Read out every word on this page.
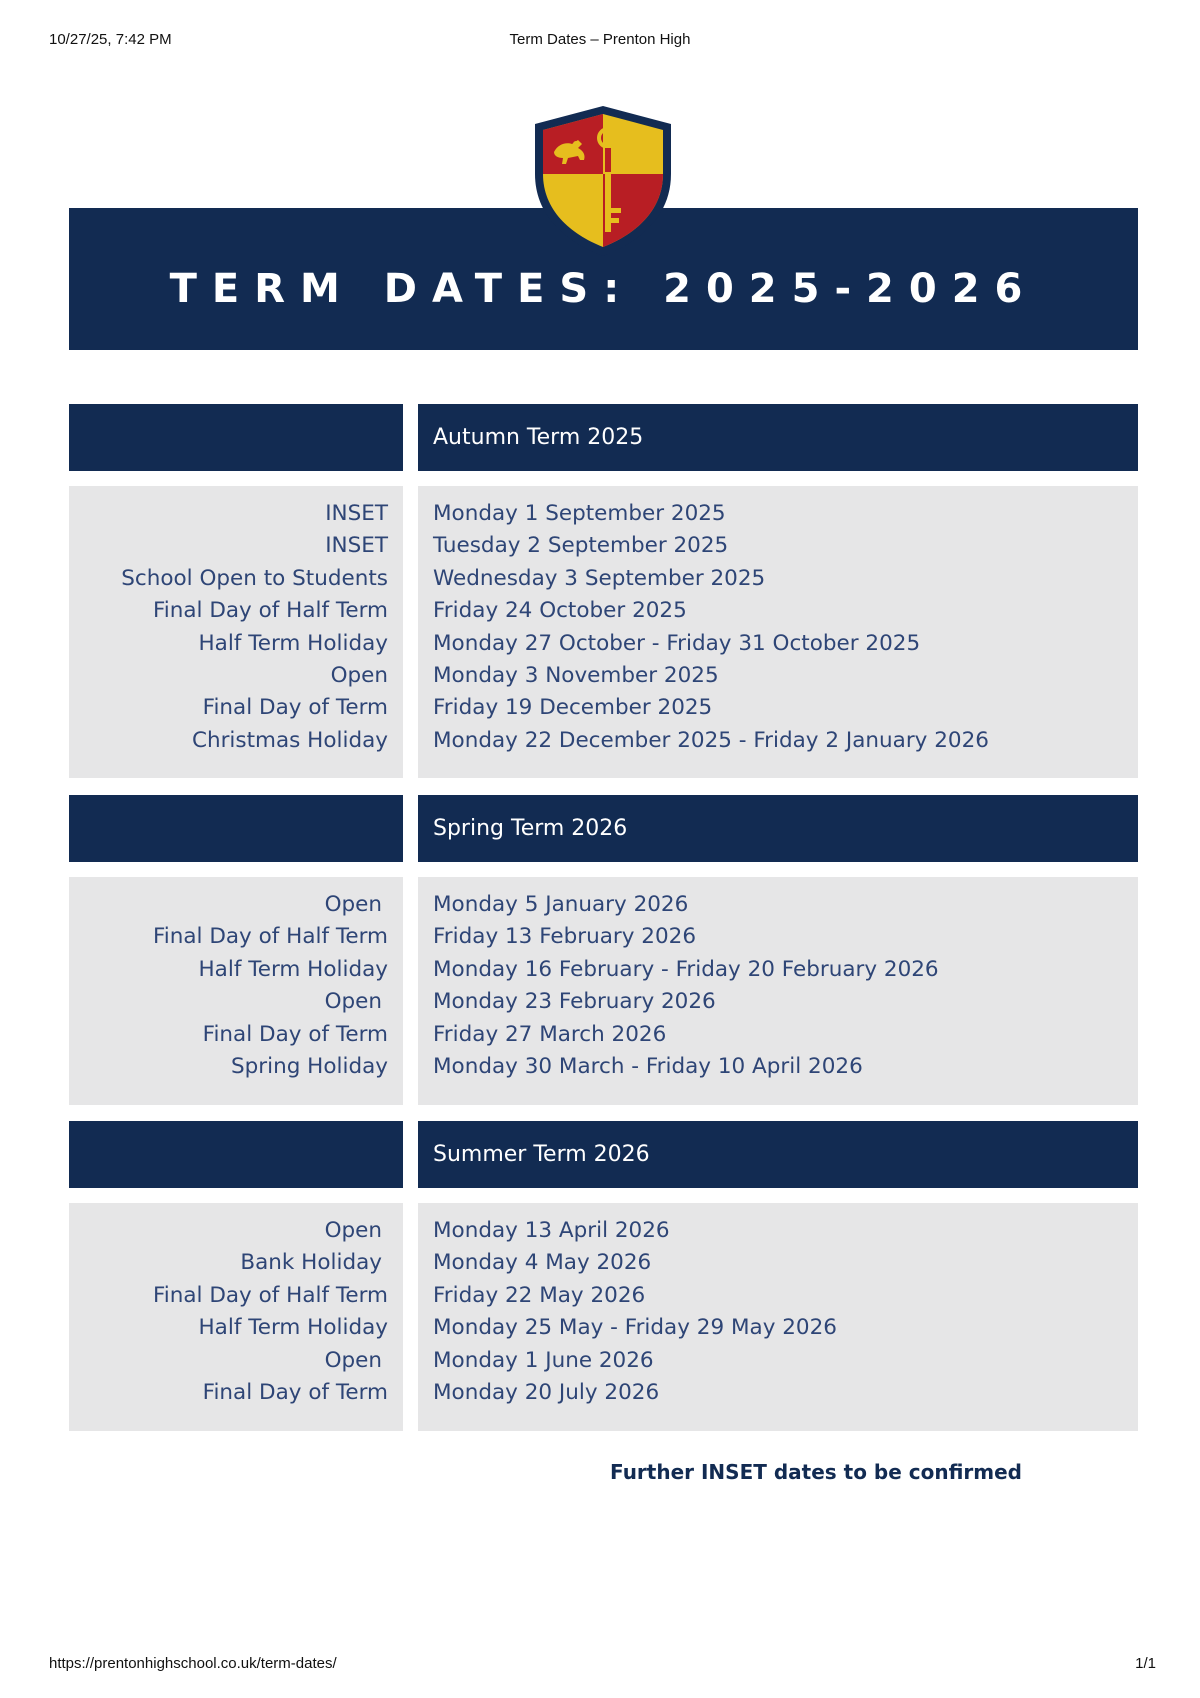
10/27/25, 7:42 PM	Term Dates – Prenton High
TERM DATES: 2025-2026
Autumn Term 2025
INSET
INSET
School Open to Students
Final Day of Half Term
Half Term Holiday
Open
Final Day of Term
Christmas Holiday
Monday 1 September 2025
Tuesday 2 September 2025
Wednesday 3 September 2025
Friday 24 October 2025
Monday 27 October - Friday 31 October 2025
Monday 3 November 2025
Friday 19 December 2025
Monday 22 December 2025 - Friday 2 January 2026
Spring Term 2026
Open
Final Day of Half Term
Half Term Holiday
Open
Final Day of Term
Spring Holiday
Monday 5 January 2026
Friday 13 February 2026
Monday 16 February - Friday 20 February 2026
Monday 23 February 2026
Friday 27 March 2026
Monday 30 March - Friday 10 April 2026
Summer Term 2026
Open
Bank Holiday
Final Day of Half Term
Half Term Holiday
Open
Final Day of Term
Monday 13 April 2026
Monday 4 May 2026
Friday 22 May 2026
Monday 25 May - Friday 29 May 2026
Monday 1 June 2026
Monday 20 July 2026
Further INSET dates to be confirmed
https://prentonhighschool.co.uk/term-dates/	1/1
